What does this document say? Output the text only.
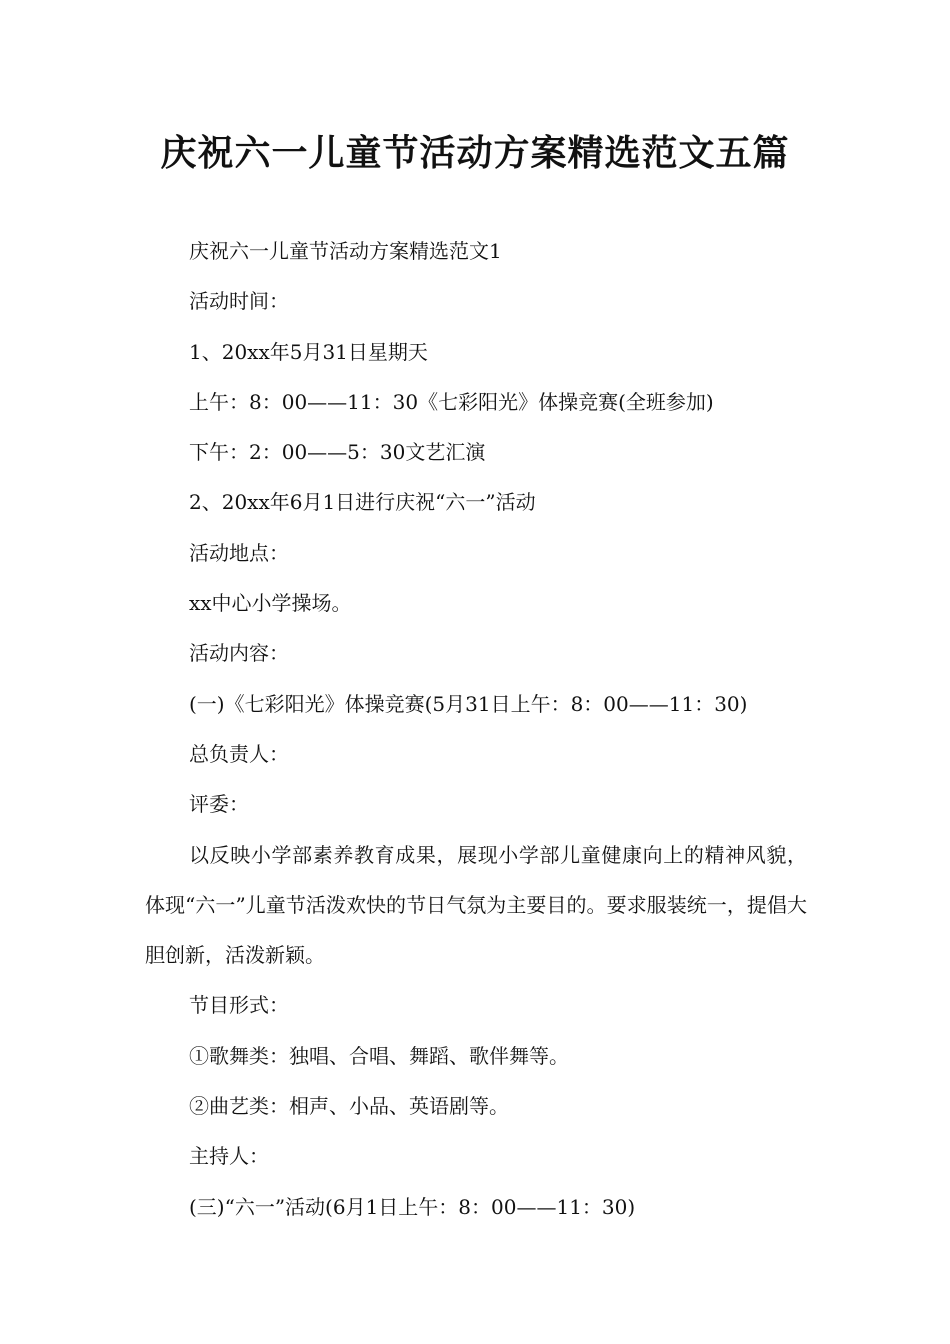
庆祝六一儿童节活动方案精选范文五篇

庆祝六一儿童节活动方案精选范文1

活动时间：

1、20xx年5月31日星期天

上午：8：00——11：30《七彩阳光》体操竞赛(全班参加)

下午：2：00——5：30文艺汇演

2、20xx年6月1日进行庆祝“六一”活动

活动地点：

xx中心小学操场。

活动内容：

(一)《七彩阳光》体操竞赛(5月31日上午：8：00——11：30)

总负责人：

评委：

以反映小学部素养教育成果，展现小学部儿童健康向上的精神风貌，体现“六一”儿童节活泼欢快的节日气氛为主要目的。要求服装统一，提倡大胆创新，活泼新颖。

节目形式：

①歌舞类：独唱、合唱、舞蹈、歌伴舞等。

②曲艺类：相声、小品、英语剧等。

主持人：

(三)“六一”活动(6月1日上午：8：00——11：30)
